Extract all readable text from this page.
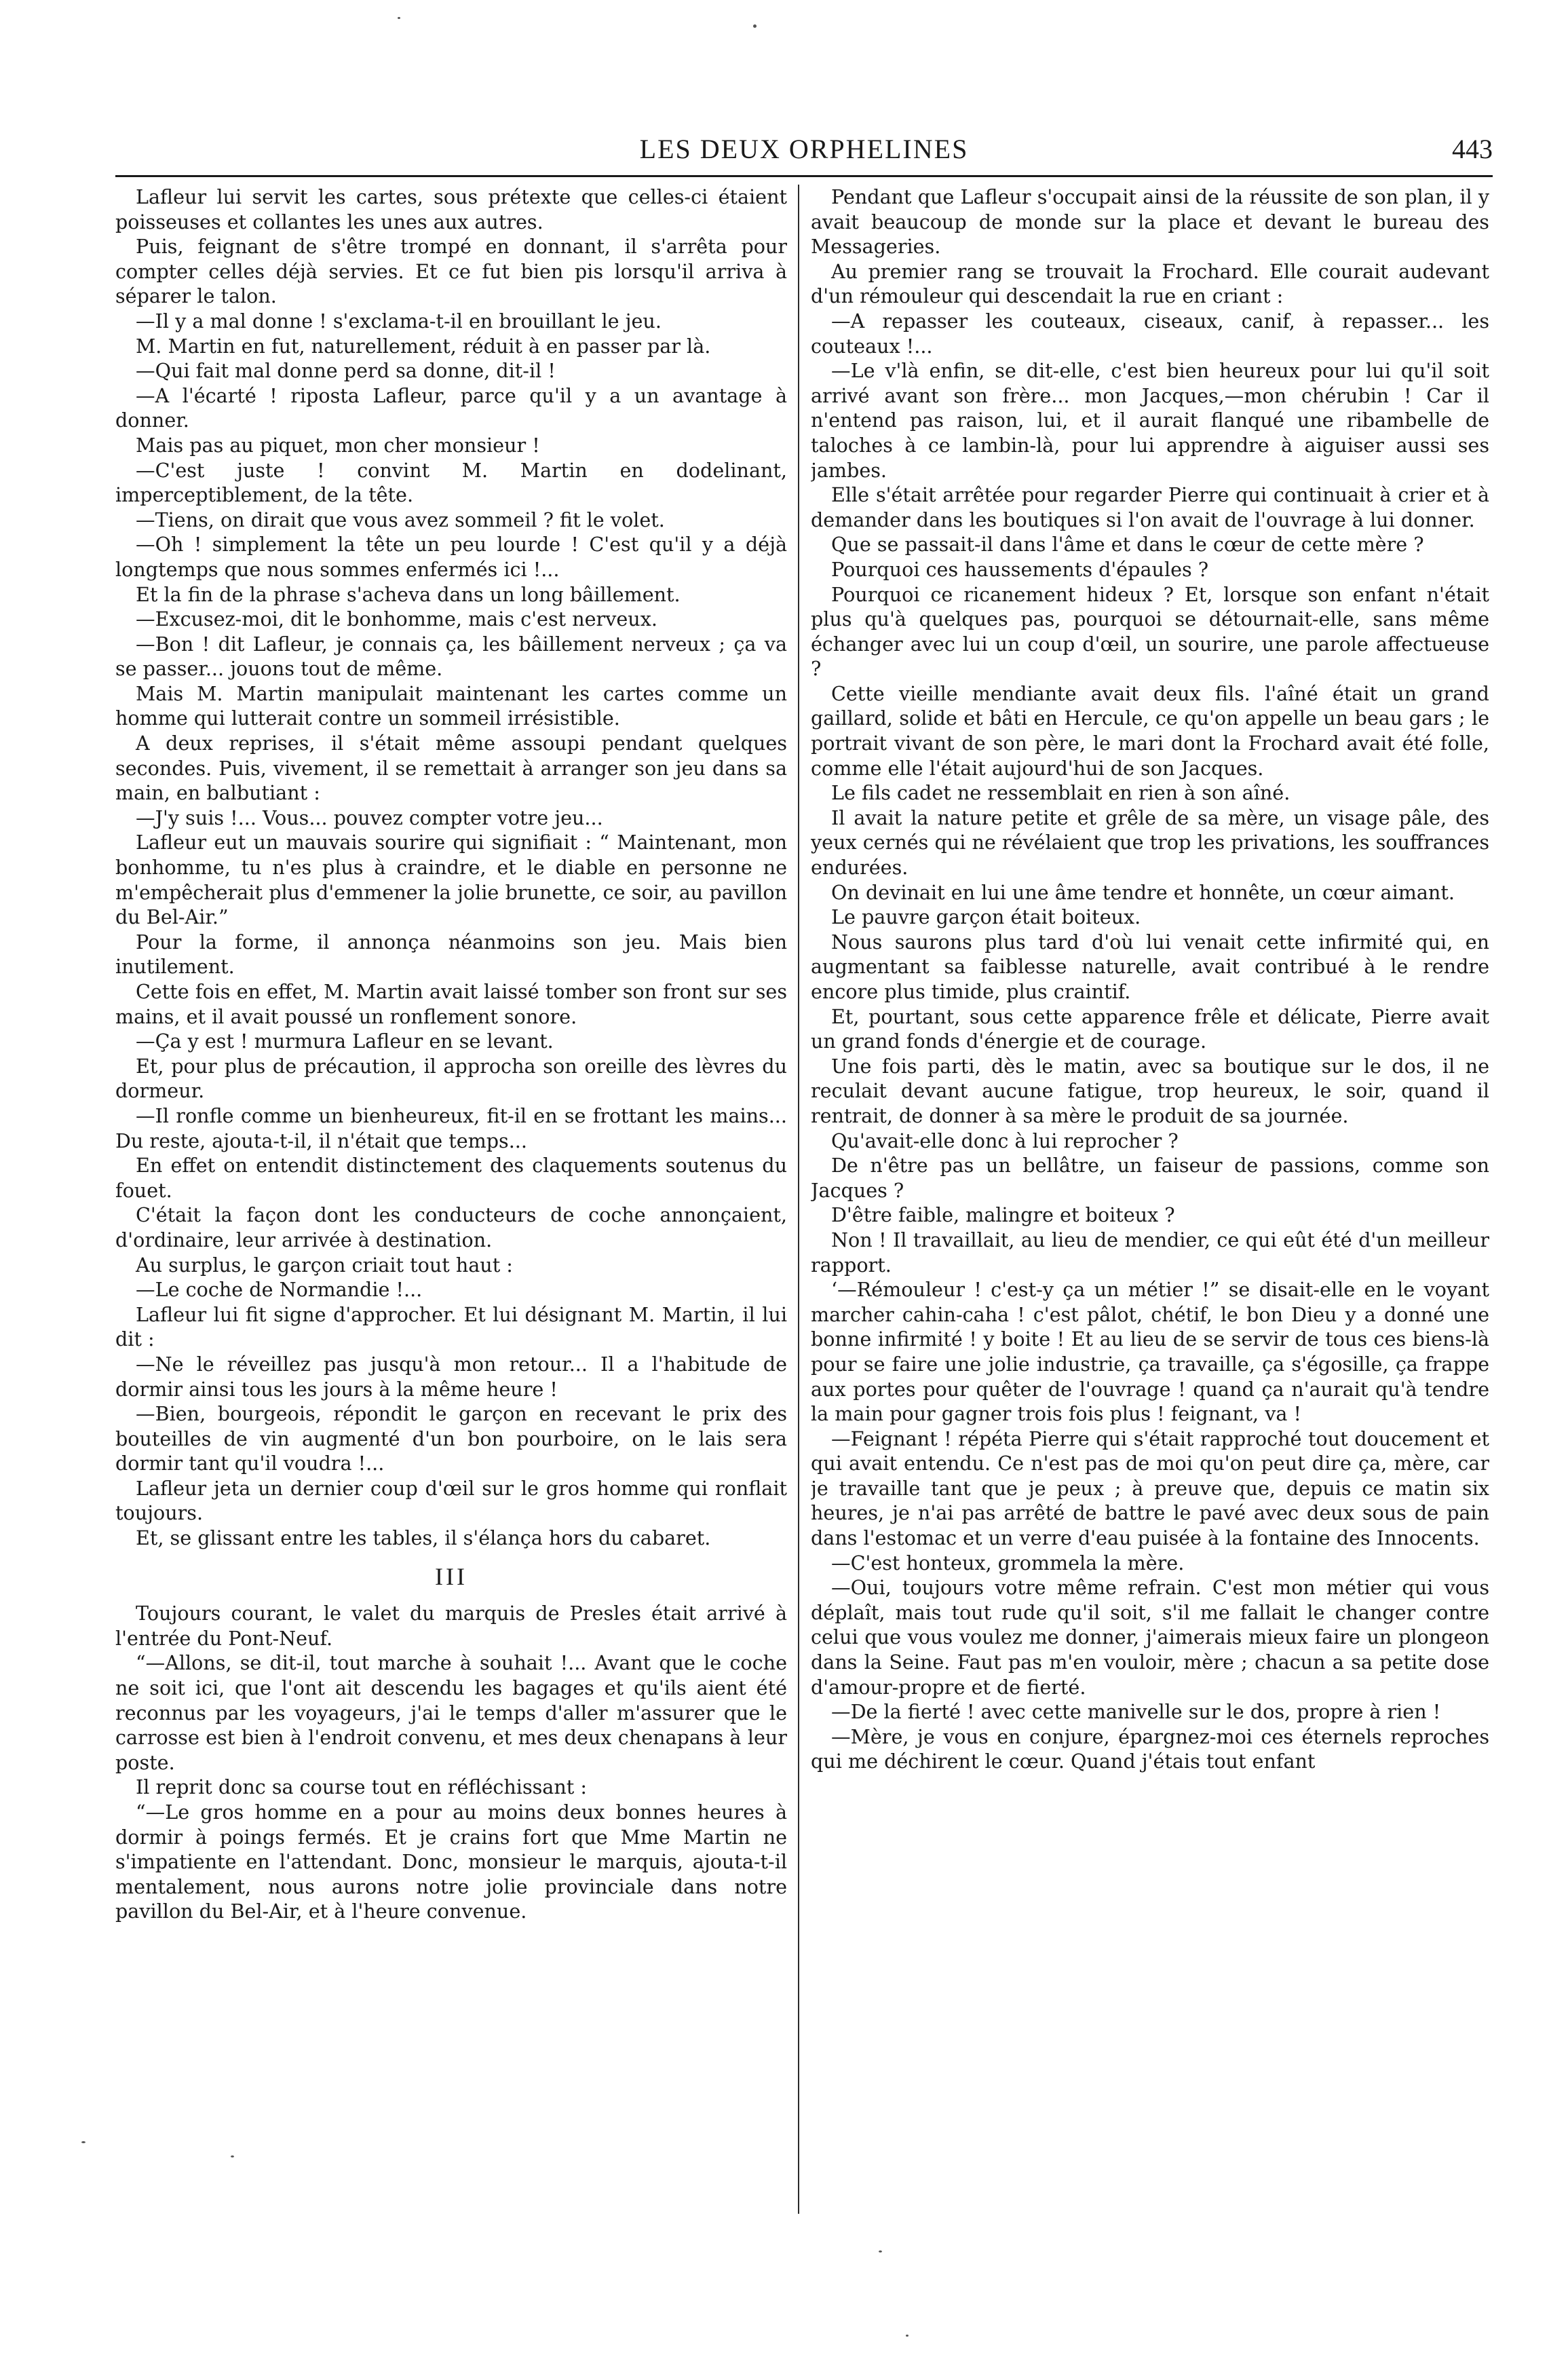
LES DEUX ORPHELINES	443

Lafleur lui servit les cartes, sous prétexte que celles-ci étaient poisseuses et collantes les unes aux autres.

Puis, feignant de s'être trompé en donnant, il s'arrêta pour compter celles déjà servies. Et ce fut bien pis lorsqu'il arriva à séparer le talon.

—Il y a mal donne ! s'exclama-t-il en brouillant le jeu.

M. Martin en fut, naturellement, réduit à en passer par là.

—Qui fait mal donne perd sa donne, dit-il !

—A l'écarté ! riposta Lafleur, parce qu'il y a un avantage à donner.

Mais pas au piquet, mon cher monsieur !

—C'est juste ! convint M. Martin en dodelinant, imperceptiblement, de la tête.

—Tiens, on dirait que vous avez sommeil ? fit le volet.

—Oh ! simplement la tête un peu lourde ! C'est qu'il y a déjà longtemps que nous sommes enfermés ici !...

Et la fin de la phrase s'acheva dans un long bâillement.

—Excusez-moi, dit le bonhomme, mais c'est nerveux.

—Bon ! dit Lafleur, je connais ça, les bâillement nerveux ; ça va se passer... jouons tout de même.

Mais M. Martin manipulait maintenant les cartes comme un homme qui lutterait contre un sommeil irrésistible.

A deux reprises, il s'était même assoupi pendant quelques secondes. Puis, vivement, il se remettait à arranger son jeu dans sa main, en balbutiant :

—J'y suis !... Vous... pouvez compter votre jeu...

Lafleur eut un mauvais sourire qui signifiait : “ Maintenant, mon bonhomme, tu n'es plus à craindre, et le diable en personne ne m'empêcherait plus d'emmener la jolie brunette, ce soir, au pavillon du Bel-Air.”

Pour la forme, il annonça néanmoins son jeu. Mais bien inutilement.

Cette fois en effet, M. Martin avait laissé tomber son front sur ses mains, et il avait poussé un ronflement sonore.

—Ça y est ! murmura Lafleur en se levant.

Et, pour plus de précaution, il approcha son oreille des lèvres du dormeur.

—Il ronfle comme un bienheureux, fit-il en se frottant les mains... Du reste, ajouta-t-il, il n'était que temps...

En effet on entendit distinctement des claquements soutenus du fouet.

C'était la façon dont les conducteurs de coche annonçaient, d'ordinaire, leur arrivée à destination.

Au surplus, le garçon criait tout haut :

—Le coche de Normandie !...

Lafleur lui fit signe d'approcher. Et lui désignant M. Martin, il lui dit :

—Ne le réveillez pas jusqu'à mon retour... Il a l'habitude de dormir ainsi tous les jours à la même heure !

—Bien, bourgeois, répondit le garçon en recevant le prix des bouteilles de vin augmenté d'un bon pourboire, on le lais sera dormir tant qu'il voudra !...

Lafleur jeta un dernier coup d'œil sur le gros homme qui ronflait toujours.

Et, se glissant entre les tables, il s'élança hors du cabaret.

III

Toujours courant, le valet du marquis de Presles était arrivé à l'entrée du Pont-Neuf.

“—Allons, se dit-il, tout marche à souhait !... Avant que le coche ne soit ici, que l'ont ait descendu les bagages et qu'ils aient été reconnus par les voyageurs, j'ai le temps d'aller m'assurer que le carrosse est bien à l'endroit convenu, et mes deux chenapans à leur poste.

Il reprit donc sa course tout en réfléchissant :

“—Le gros homme en a pour au moins deux bonnes heures à dormir à poings fermés. Et je crains fort que Mme Martin ne s'impatiente en l'attendant. Donc, monsieur le marquis, ajouta-t-il mentalement, nous aurons notre jolie provinciale dans notre pavillon du Bel-Air, et à l'heure convenue.

Pendant que Lafleur s'occupait ainsi de la réussite de son plan, il y avait beaucoup de monde sur la place et devant le bureau des Messageries.

Au premier rang se trouvait la Frochard. Elle courait audevant d'un rémouleur qui descendait la rue en criant :

—A repasser les couteaux, ciseaux, canif, à repasser... les couteaux !...

—Le v'là enfin, se dit-elle, c'est bien heureux pour lui qu'il soit arrivé avant son frère... mon Jacques,—mon chérubin ! Car il n'entend pas raison, lui, et il aurait flanqué une ribambelle de taloches à ce lambin-là, pour lui apprendre à aiguiser aussi ses jambes.

Elle s'était arrêtée pour regarder Pierre qui continuait à crier et à demander dans les boutiques si l'on avait de l'ouvrage à lui donner.

Que se passait-il dans l'âme et dans le cœur de cette mère ?

Pourquoi ces haussements d'épaules ?

Pourquoi ce ricanement hideux ? Et, lorsque son enfant n'était plus qu'à quelques pas, pourquoi se détournait-elle, sans même échanger avec lui un coup d'œil, un sourire, une parole affectueuse ?

Cette vieille mendiante avait deux fils. l'aîné était un grand gaillard, solide et bâti en Hercule, ce qu'on appelle un beau gars ; le portrait vivant de son père, le mari dont la Frochard avait été folle, comme elle l'était aujourd'hui de son Jacques.

Le fils cadet ne ressemblait en rien à son aîné.

Il avait la nature petite et grêle de sa mère, un visage pâle, des yeux cernés qui ne révélaient que trop les privations, les souffrances endurées.

On devinait en lui une âme tendre et honnête, un cœur aimant.

Le pauvre garçon était boiteux.

Nous saurons plus tard d'où lui venait cette infirmité qui, en augmentant sa faiblesse naturelle, avait contribué à le rendre encore plus timide, plus craintif.

Et, pourtant, sous cette apparence frêle et délicate, Pierre avait un grand fonds d'énergie et de courage.

Une fois parti, dès le matin, avec sa boutique sur le dos, il ne reculait devant aucune fatigue, trop heureux, le soir, quand il rentrait, de donner à sa mère le produit de sa journée.

Qu'avait-elle donc à lui reprocher ?

De n'être pas un bellâtre, un faiseur de passions, comme son Jacques ?

D'être faible, malingre et boiteux ?

Non ! Il travaillait, au lieu de mendier, ce qui eût été d'un meilleur rapport.

‘—Rémouleur ! c'est-y ça un métier !” se disait-elle en le voyant marcher cahin-caha ! c'est pâlot, chétif, le bon Dieu y a donné une bonne infirmité ! y boite ! Et au lieu de se servir de tous ces biens-là pour se faire une jolie industrie, ça travaille, ça s'égosille, ça frappe aux portes pour quêter de l'ouvrage ! quand ça n'aurait qu'à tendre la main pour gagner trois fois plus ! feignant, va !

—Feignant ! répéta Pierre qui s'était rapproché tout doucement et qui avait entendu. Ce n'est pas de moi qu'on peut dire ça, mère, car je travaille tant que je peux ; à preuve que, depuis ce matin six heures, je n'ai pas arrêté de battre le pavé avec deux sous de pain dans l'estomac et un verre d'eau puisée à la fontaine des Innocents.

—C'est honteux, grommela la mère.

—Oui, toujours votre même refrain. C'est mon métier qui vous déplaît, mais tout rude qu'il soit, s'il me fallait le changer contre celui que vous voulez me donner, j'aimerais mieux faire un plongeon dans la Seine. Faut pas m'en vouloir, mère ; chacun a sa petite dose d'amour-propre et de fierté.

—De la fierté ! avec cette manivelle sur le dos, propre à rien !

—Mère, je vous en conjure, épargnez-moi ces éternels reproches qui me déchirent le cœur. Quand j'étais tout enfant
